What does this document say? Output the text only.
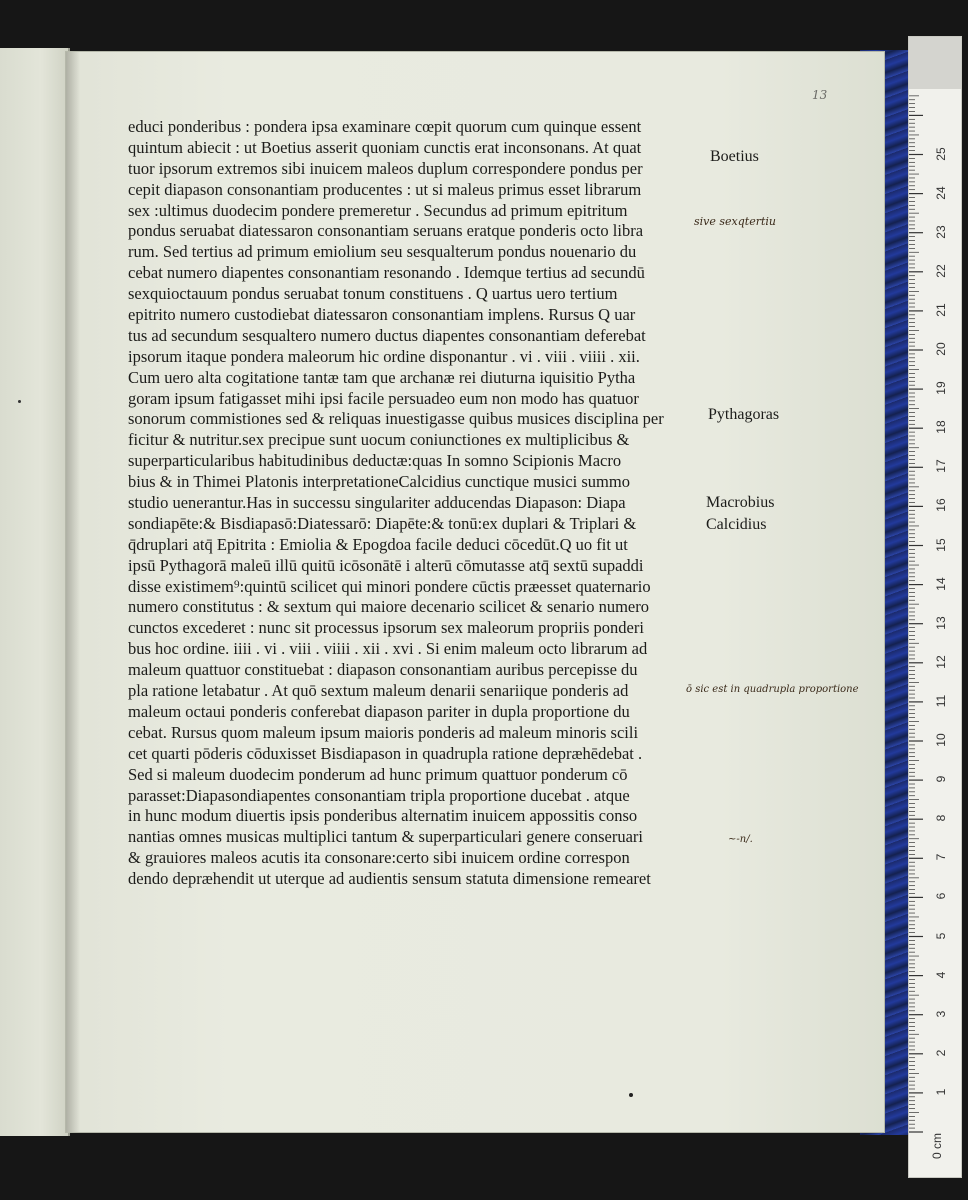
13
educi ponderibus : pondera ipsa examinare cœpit quorum cum quinque essent
quintum abiecit : ut Boetius asserit quoniam cunctis erat inconsonans. At quat
tuor ipsorum extremos sibi inuicem maleos duplum correspondere pondus per
cepit diapason consonantiam producentes : ut si maleus primus esset librarum
sex :ultimus duodecim pondere premeretur . Secundus ad primum epitritum
pondus seruabat diatessaron consonantiam seruans eratque ponderis octo libra
rum. Sed tertius ad primum emiolium seu sesqualterum pondus nouenario du
cebat numero diapentes consonantiam resonando . Idemque tertius ad secundū
sexquioctauum pondus seruabat tonum constituens . Q uartus uero tertium
epitrito numero custodiebat diatessaron consonantiam implens. Rursus Q uar
tus ad secundum sesqualtero numero ductus diapentes consonantiam deferebat
ipsorum itaque pondera maleorum hic ordine disponantur . vi . viii . viiii . xii.
Cum uero alta cogitatione tantæ tam que archanæ rei diuturna iquisitio Pytha
goram ipsum fatigasset mihi ipsi facile persuadeo eum non modo has quatuor
sonorum commistiones sed & reliquas inuestigasse quibus musices disciplina per
ficitur & nutritur.sex precipue sunt uocum coniunctiones ex multiplicibus &
superparticularibus habitudinibus deductæ:quas In somno Scipionis Macro
bius & in Thimei Platonis interpretationeCalcidius cunctique musici summo
studio uenerantur.Has in successu singulariter adducendas Diapason: Diapa
sondiapēte:& Bisdiapasō:Diatessarō: Diapēte:& tonū:ex duplari & Triplari &
q̄druplari atq̄ Epitrita : Emiolia & Epogdoa facile deduci cōcedūt.Q uo fit ut
ipsū Pythagorā maleū illū quitū icōsonātē i alterū cōmutasse atq̄ sextū supaddi
disse existimem⁹:quintū scilicet qui minori pondere cūctis præesset quaternario
numero constitutus : & sextum qui maiore decenario scilicet & senario numero
cunctos excederet : nunc sit processus ipsorum sex maleorum propriis ponderi
bus hoc ordine. iiii . vi . viii . viiii . xii . xvi . Si enim maleum octo librarum ad
maleum quattuor constituebat : diapason consonantiam auribus percepisse du
pla ratione letabatur . At quō sextum maleum denarii senariique ponderis ad
maleum octaui ponderis conferebat diapason pariter in dupla proportione du
cebat. Rursus quom maleum ipsum maioris ponderis ad maleum minoris scili
cet quarti pōderis cōduxisset Bisdiapason in quadrupla ratione depræhēdebat .
Sed si maleum duodecim ponderum ad hunc primum quattuor ponderum cō
parasset:Diapasondiapentes consonantiam tripla proportione ducebat . atque
in hunc modum diuertis ipsis ponderibus alternatim inuicem appossitis conso
nantias omnes musicas multiplici tantum & superparticulari genere conseruari
& grauiores maleos acutis ita consonare:certo sibi inuicem ordine correspon
dendo depræhendit ut uterque ad audientis sensum statuta dimensione remearet
Boetius
Pythagoras
Macrobius
Calcidius
sive sexqtertiu
ō sic est in quadrupla proportione
~-n/.
0 cm
1
2
3
4
5
6
7
8
9
10
11
12
13
14
15
16
17
18
19
20
21
22
23
24
25
